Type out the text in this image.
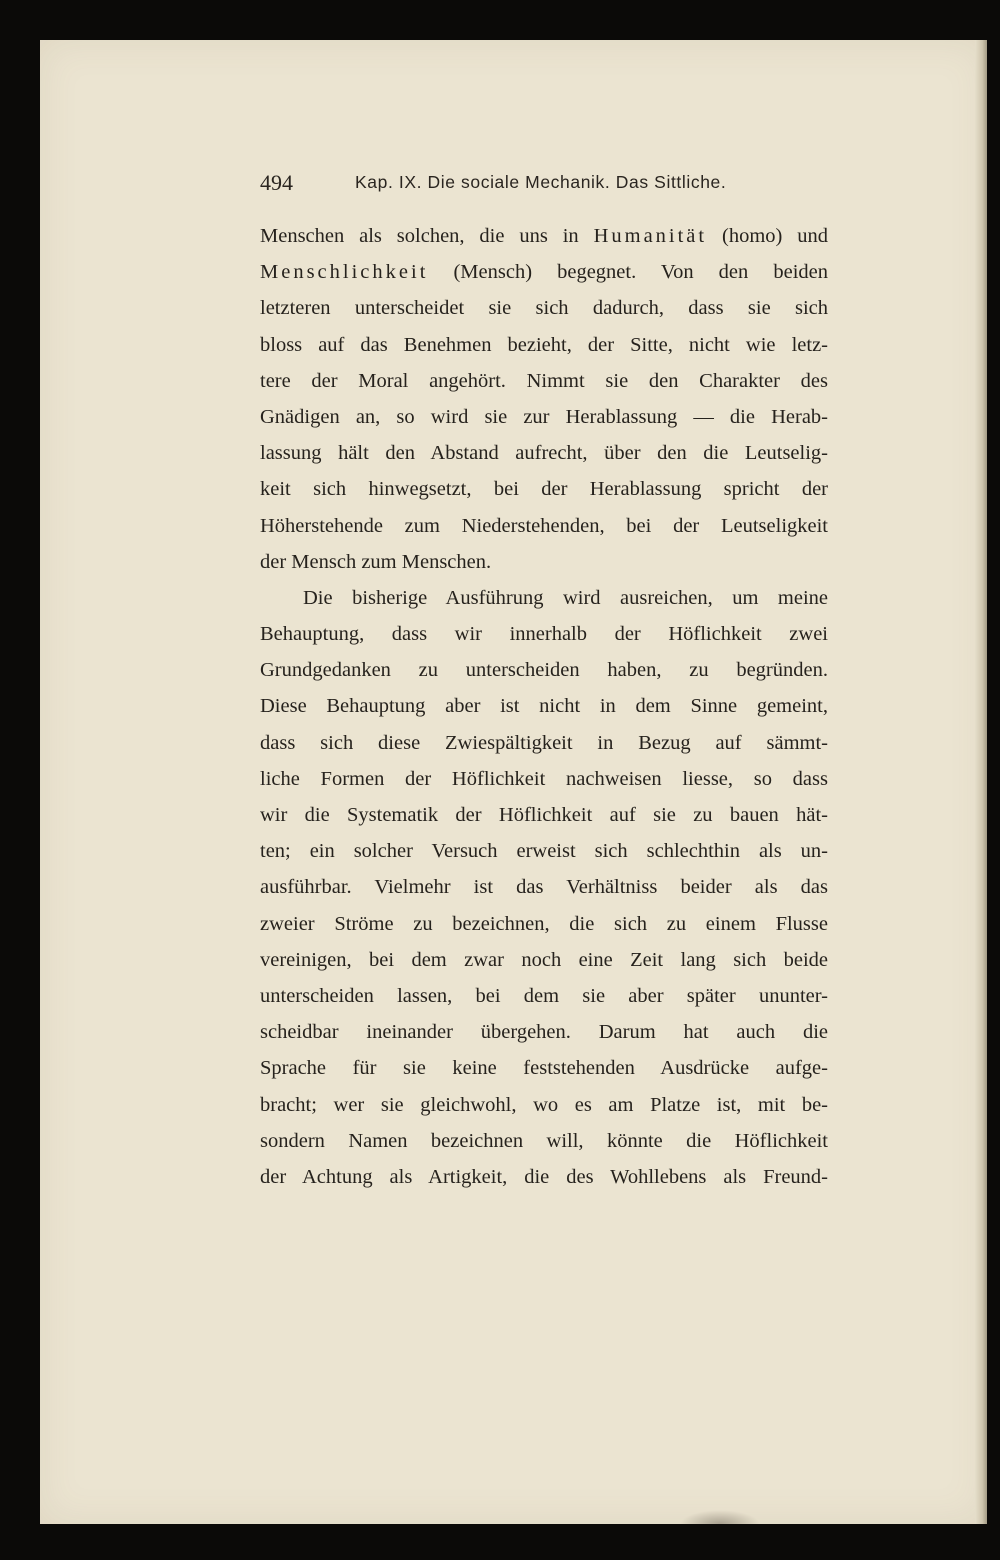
494	Kap. IX. Die sociale Mechanik. Das Sittliche.
Menschen als solchen, die uns in Humanität (homo) und
Menschlichkeit (Mensch) begegnet. Von den beiden
letzteren unterscheidet sie sich dadurch, dass sie sich
bloss auf das Benehmen bezieht, der Sitte, nicht wie letz-
tere der Moral angehört. Nimmt sie den Charakter des
Gnädigen an, so wird sie zur Herablassung — die Herab-
lassung hält den Abstand aufrecht, über den die Leutselig-
keit sich hinwegsetzt, bei der Herablassung spricht der
Höherstehende zum Niederstehenden, bei der Leutseligkeit
der Mensch zum Menschen.
Die bisherige Ausführung wird ausreichen, um meine
Behauptung, dass wir innerhalb der Höflichkeit zwei
Grundgedanken zu unterscheiden haben, zu begründen.
Diese Behauptung aber ist nicht in dem Sinne gemeint,
dass sich diese Zwiespältigkeit in Bezug auf sämmt-
liche Formen der Höflichkeit nachweisen liesse, so dass
wir die Systematik der Höflichkeit auf sie zu bauen hät-
ten; ein solcher Versuch erweist sich schlechthin als un-
ausführbar. Vielmehr ist das Verhältniss beider als das
zweier Ströme zu bezeichnen, die sich zu einem Flusse
vereinigen, bei dem zwar noch eine Zeit lang sich beide
unterscheiden lassen, bei dem sie aber später ununter-
scheidbar ineinander übergehen. Darum hat auch die
Sprache für sie keine feststehenden Ausdrücke aufge-
bracht; wer sie gleichwohl, wo es am Platze ist, mit be-
sondern Namen bezeichnen will, könnte die Höflichkeit
der Achtung als Artigkeit, die des Wohllebens als Freund-
